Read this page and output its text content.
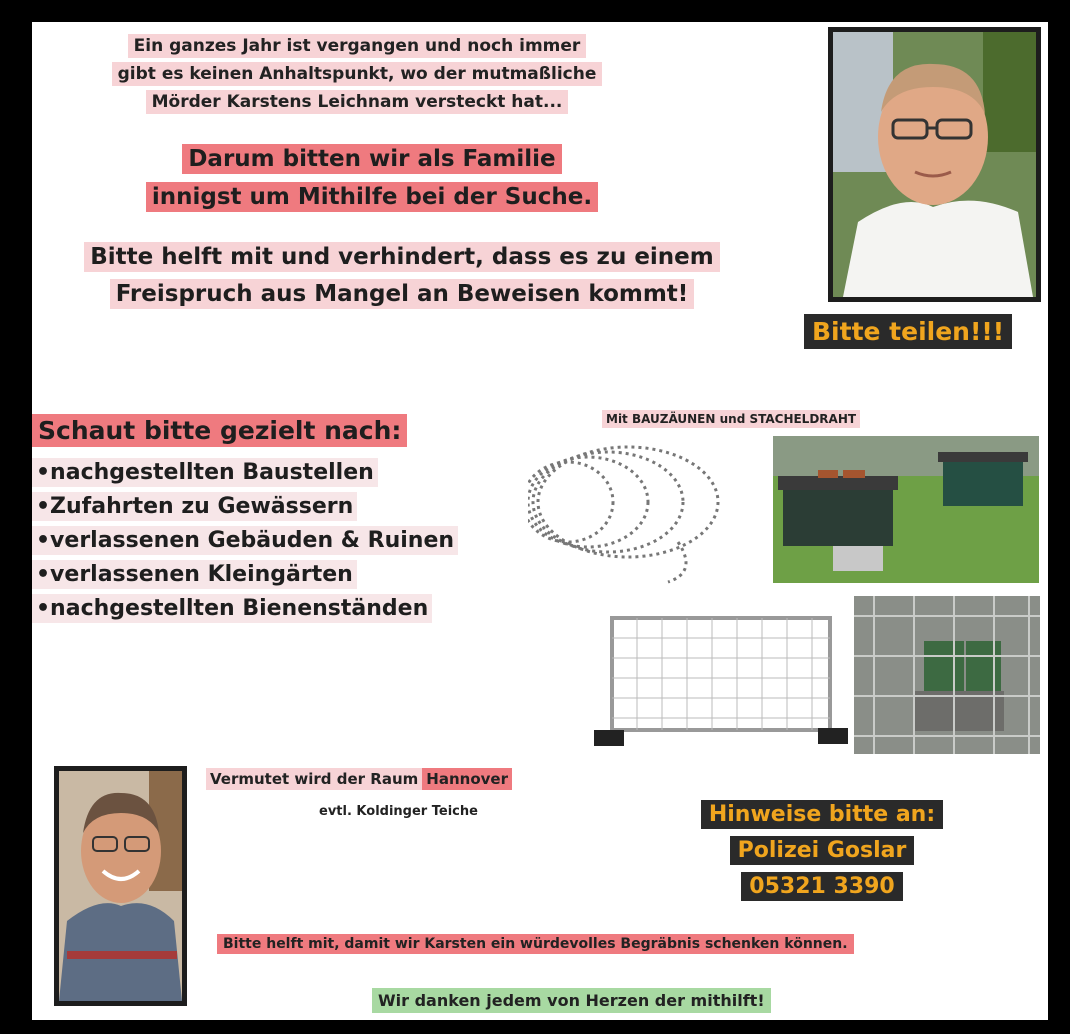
Ein ganzes Jahr ist vergangen und noch immer
gibt es keinen Anhaltspunkt, wo der mutmaßliche
Mörder Karstens Leichnam versteckt hat...
Darum bitten wir als Familie
innigst um Mithilfe bei der Suche.
Bitte helft mit und verhindert, dass es zu einem
Freispruch aus Mangel an Beweisen kommt!
Bitte teilen!!!
Schaut bitte gezielt nach:
•nachgestellten Baustellen
•Zufahrten zu Gewässern
•verlassenen Gebäuden & Ruinen
•verlassenen Kleingärten
•nachgestellten Bienenständen
Mit BAUZÄUNEN und STACHELDRAHT
Vermutet wird der Raum Hannover
evtl. Koldinger Teiche	Hinweise bitte an:
Polizei Goslar
05321 3390
Bitte helft mit, damit wir Karsten ein würdevolles Begräbnis schenken können.
Wir danken jedem von Herzen der mithilft!
